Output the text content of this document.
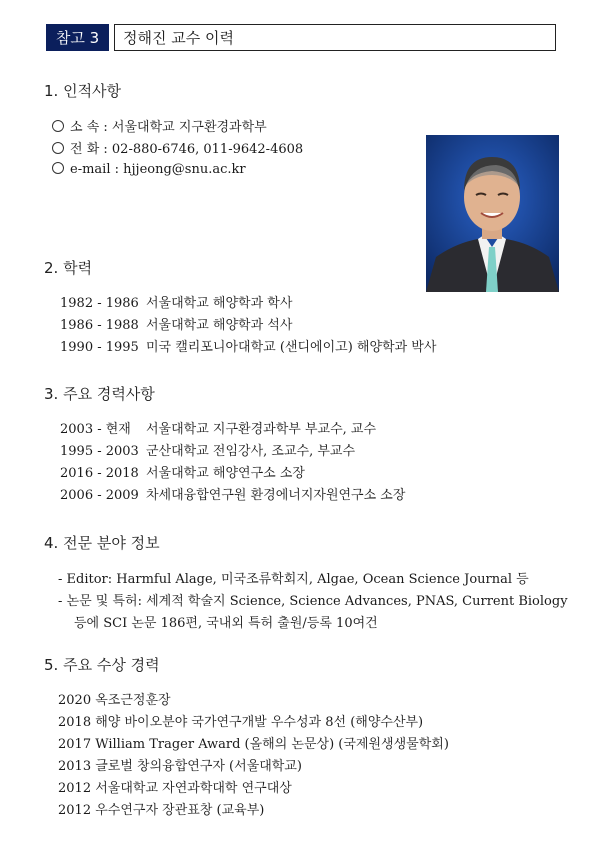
참고 3	정해진 교수 이력
1. 인적사항
소 속 : 서울대학교 지구환경과학부
전 화 : 02-880-6746, 011-9642-4608
e-mail : hjjeong@snu.ac.kr
2. 학력
1982 - 1986 서울대학교 해양학과 학사
1986 - 1988 서울대학교 해양학과 석사
1990 - 1995 미국 캘리포니아대학교 (샌디에이고) 해양학과 박사
3. 주요 경력사항
2003 - 현재 서울대학교 지구환경과학부 부교수, 교수
1995 - 2003 군산대학교 전임강사, 조교수, 부교수
2016 - 2018 서울대학교 해양연구소 소장
2006 - 2009 차세대융합연구원 환경에너지자원연구소 소장
4. 전문 분야 정보
- Editor: Harmful Alage, 미국조류학회지, Algae, Ocean Science Journal 등
- 논문 및 특허: 세계적 학술지 Science, Science Advances, PNAS, Current Biology
등에 SCI 논문 186편, 국내외 특허 출원/등록 10여건
5. 주요 수상 경력
2020 옥조근정훈장
2018 해양 바이오분야 국가연구개발 우수성과 8선 (해양수산부)
2017 William Trager Award (올해의 논문상) (국제원생생물학회)
2013 글로벌 창의융합연구자 (서울대학교)
2012 서울대학교 자연과학대학 연구대상
2012 우수연구자 장관표창 (교육부)
